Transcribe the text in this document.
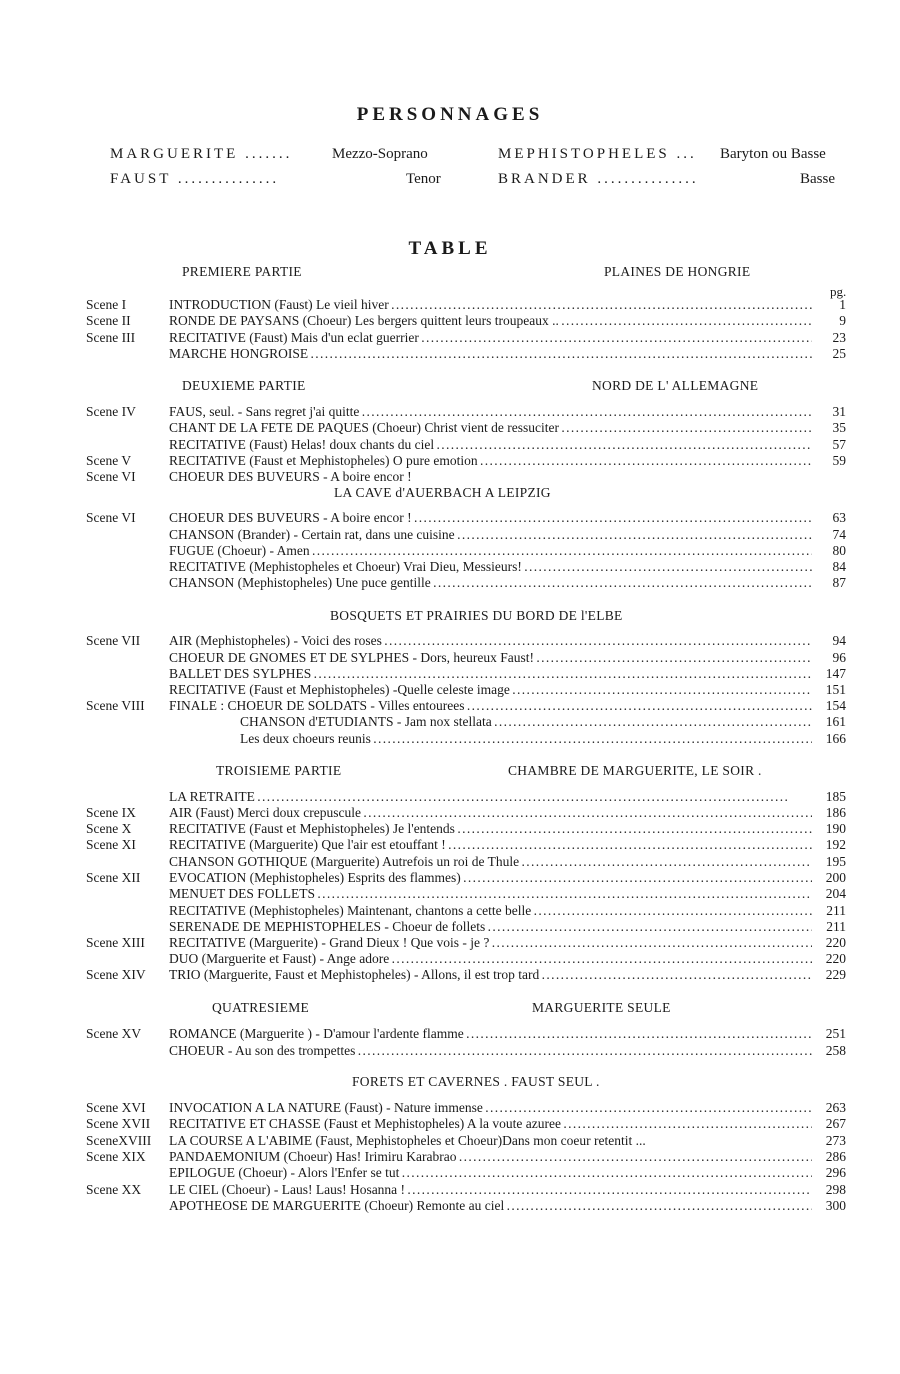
PERSONNAGES
MARGUERITE .......	Mezzo-Soprano
FAUST ...............	Tenor
MEPHISTOPHELES ... Baryton ou Basse
BRANDER ...............	Basse
TABLE
pg.
PREMIERE PARTIE	PLAINES DE HONGRIE
DEUXIEME PARTIE	NORD DE L' ALLEMAGNE
LA CAVE d'AUERBACH A LEIPZIG
BOSQUETS ET PRAIRIES DU BORD DE l'ELBE
TROISIEME PARTIE	CHAMBRE DE MARGUERITE, LE SOIR .
QUATRESIEME	MARGUERITE SEULE
FORETS ET CAVERNES . FAUST SEUL .
Scene I	INTRODUCTION (Faust) Le vieil hiver . . .	1
Scene II	RONDE DE PAYSANS (Choeur) Les bergers quittent leurs troupeaux .. . . .	9
Scene III	RECITATIVE (Faust) Mais d'un eclat guerrier . . .	23
MARCHE HONGROISE . . .	25
Scene IV	FAUS, seul. - Sans regret j'ai quitte . . .	31
CHANT DE LA FETE DE PAQUES (Choeur) Christ vient de ressuciter . . .	35
RECITATIVE (Faust) Helas! doux chants du ciel . . .	57
Scene V	RECITATIVE (Faust et Mephistopheles) O pure emotion . . .	59
Scene VI	CHOEUR DES BUVEURS - A boire encor !
Scene VI	CHOEUR DES BUVEURS - A boire encor ! . . .	63
CHANSON (Brander) - Certain rat, dans une cuisine . . .	74
FUGUE (Choeur) - Amen . . .	80
RECITATIVE (Mephistopheles et Choeur) Vrai Dieu, Messieurs! . . .	84
CHANSON (Mephistopheles) Une puce gentille . . .	87
Scene VII	AIR (Mephistopheles) - Voici des roses . . .	94
CHOEUR DE GNOMES ET DE SYLPHES - Dors, heureux Faust! . . .	96
BALLET DES SYLPHES . . .	147
RECITATIVE (Faust et Mephistopheles) -Quelle celeste image . . .	151
Scene VIII	FINALE : CHOEUR DE SOLDATS - Villes entourees . . .	154
CHANSON d'ETUDIANTS - Jam nox stellata . . .	161
Les deux choeurs reunis . . .	166
LA RETRAITE . . .	185
Scene IX	AIR (Faust) Merci doux crepuscule . . .	186
Scene X	RECITATIVE (Faust et Mephistopheles) Je l'entends . . .	190
Scene XI	RECITATIVE (Marguerite) Que l'air est etouffant ! . . .	192
CHANSON GOTHIQUE (Marguerite) Autrefois un roi de Thule . . .	195
Scene XII	EVOCATION (Mephistopheles) Esprits des flammes) . . .	200
MENUET DES FOLLETS . . .	204
RECITATIVE (Mephistopheles) Maintenant, chantons a cette belle . . .	211
SERENADE DE MEPHISTOPHELES - Choeur de follets . . .	211
Scene XIII	RECITATIVE (Marguerite) - Grand Dieux ! Que vois - je ? . . .	220
DUO (Marguerite et Faust) - Ange adore . . .	220
Scene XIV	TRIO (Marguerite, Faust et Mephistopheles) - Allons, il est trop tard . . .	229
Scene XV	ROMANCE (Marguerite ) - D'amour l'ardente flamme . . .	251
CHOEUR - Au son des trompettes . . .	258
Scene XVI	INVOCATION A LA NATURE (Faust) - Nature immense . . .	263
Scene XVII	RECITATIVE ET CHASSE (Faust et Mephistopheles) A la voute azuree . . .	267
SceneXVIII	LA COURSE A L'ABIME (Faust, Mephistopheles et Choeur)Dans mon coeur retentit ...	273
Scene XIX	PANDAEMONIUM (Choeur) Has! Irimiru Karabrao . . .	286
EPILOGUE (Choeur) - Alors l'Enfer se tut . . .	296
Scene XX	LE CIEL (Choeur) - Laus! Laus! Hosanna ! . . .	298
APOTHEOSE DE MARGUERITE (Choeur) Remonte au ciel . . .	300
